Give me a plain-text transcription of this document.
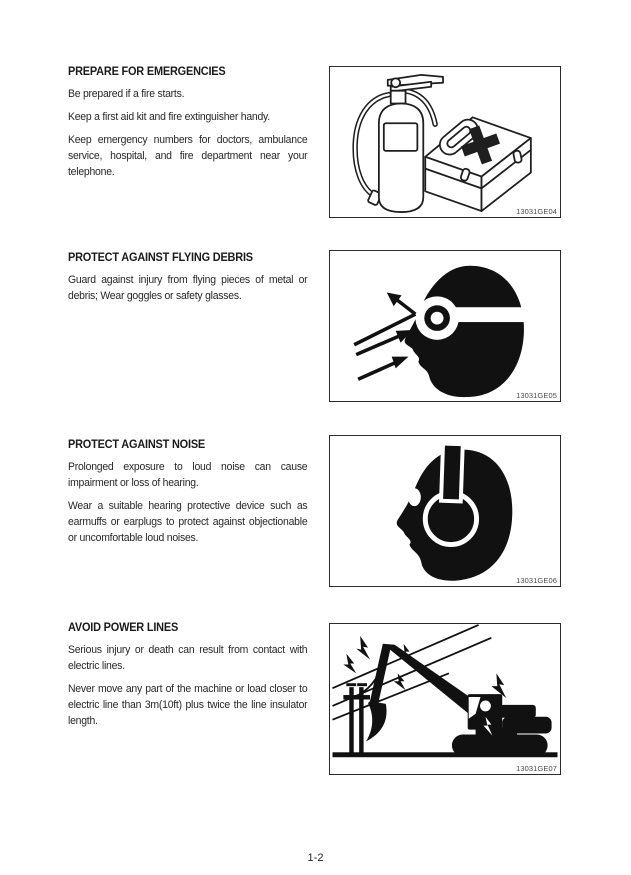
PREPARE FOR EMERGENCIES

Be prepared if a fire starts.

Keep a first aid kit and fire extinguisher handy.

Keep emergency numbers for doctors, ambulance service, hospital, and fire department near your telephone.

13031GE04
PROTECT AGAINST FLYING DEBRIS

Guard against injury from flying pieces of metal or debris; Wear goggles or safety glasses.

13031GE05
PROTECT AGAINST NOISE

Prolonged exposure to loud noise can cause impairment or loss of hearing.

Wear a suitable hearing protective device such as earmuffs or earplugs to protect against objectionable or uncomfortable loud noises.

13031GE06
AVOID POWER LINES

Serious injury or death can result from contact with electric lines.

Never move any part of the machine or load closer to electric line than 3m(10ft) plus twice the line insulator length.

13031GE07
1-2
